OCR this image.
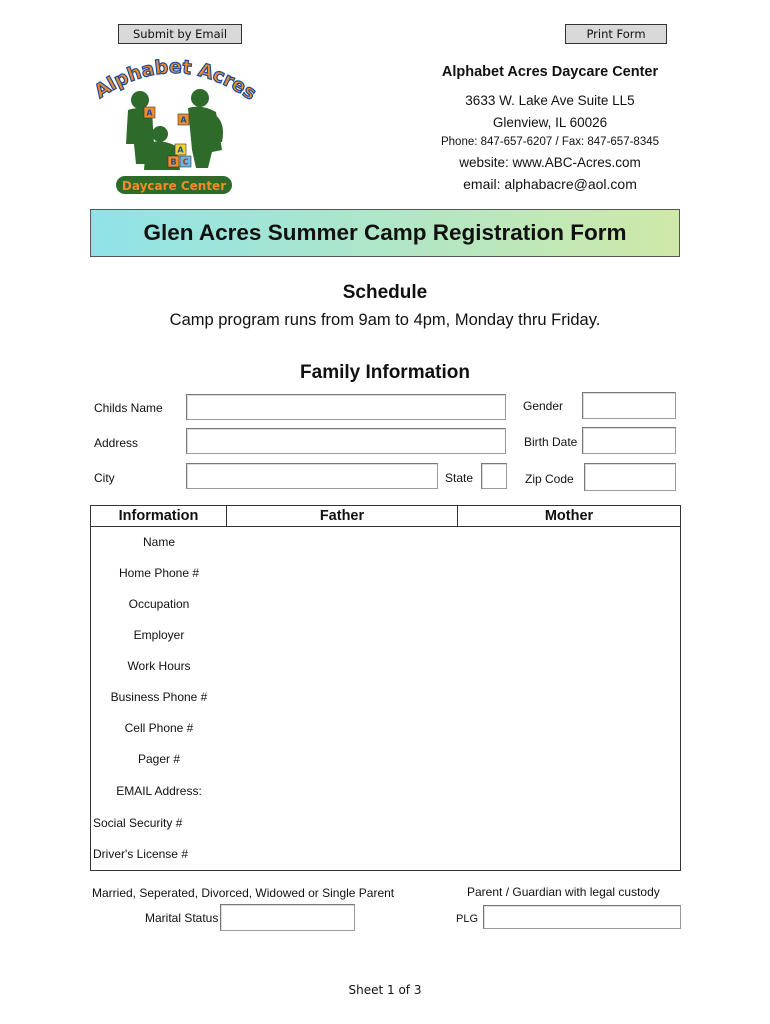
Submit by Email	Print Form
Alphabet Acre
A
A
A
B C
Daycare Center
Alphabet Acres Daycare Center
3633 W. Lake Ave Suite LL5
Glenview, IL 60026
Phone: 847-657-6207 / Fax: 847-657-8345
website: www.ABC-Acres.com
email: alphabacre@aol.com
Glen Acres Summer Camp Registration Form
Schedule
Camp program runs from 9am to 4pm, Monday thru Friday.
Family Information
Childs Name	Gender
Address	Birth Date
City	State	Zip Code
Information	Father	Mother
Name
Home Phone #
Occupation
Employer
Work Hours
Business Phone #
Cell Phone #
Pager #
EMAIL Address:
Social Security #
Driver's License #
Married, Seperated, Divorced, Widowed or Single Parent
Marital Status
Parent / Guardian with legal custody
PLG
Sheet 1 of 3
